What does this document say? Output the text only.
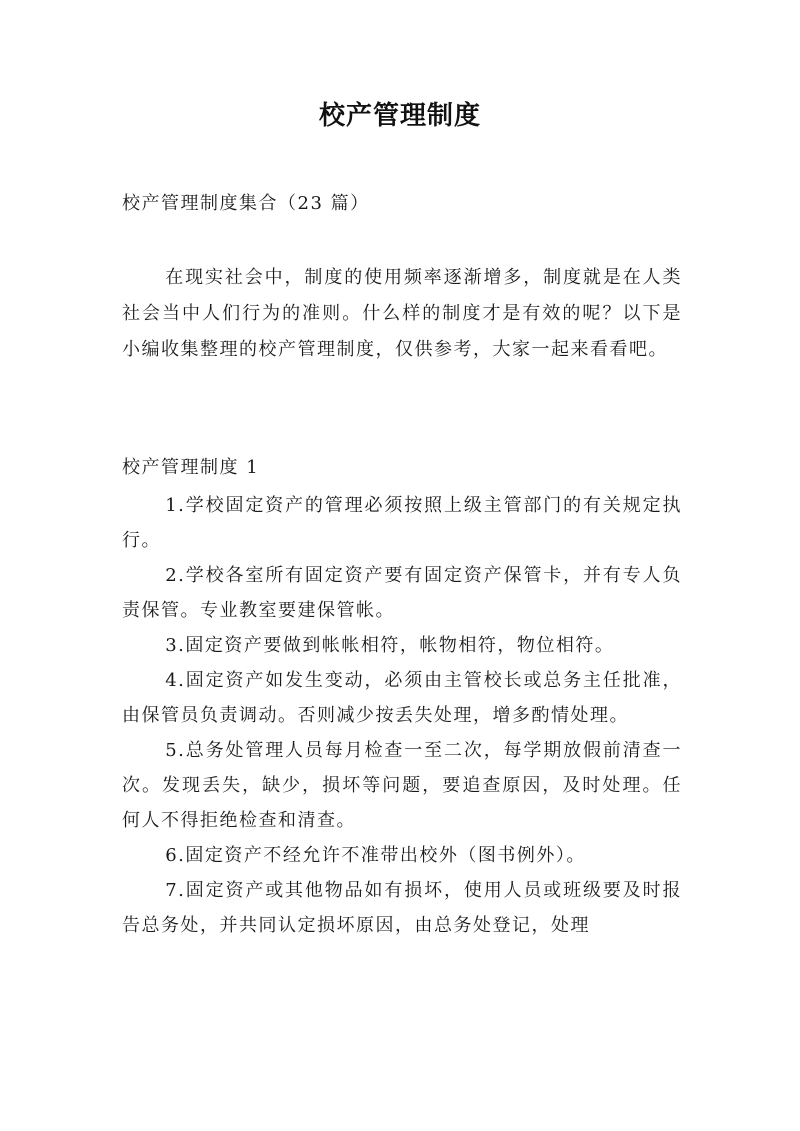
校产管理制度
校产管理制度集合（23 篇）

在现实社会中，制度的使用频率逐渐增多，制度就是在人类社会当中人们行为的准则。什么样的制度才是有效的呢？以下是小编收集整理的校产管理制度，仅供参考，大家一起来看看吧。

校产管理制度 1
1.学校固定资产的管理必须按照上级主管部门的有关规定执行。
2.学校各室所有固定资产要有固定资产保管卡，并有专人负责保管。专业教室要建保管帐。
3.固定资产要做到帐帐相符，帐物相符，物位相符。
4.固定资产如发生变动，必须由主管校长或总务主任批准，由保管员负责调动。否则减少按丢失处理，增多酌情处理。
5.总务处管理人员每月检查一至二次，每学期放假前清查一次。发现丢失，缺少，损坏等问题，要追查原因，及时处理。任何人不得拒绝检查和清查。
6.固定资产不经允许不准带出校外（图书例外）。
7.固定资产或其他物品如有损坏，使用人员或班级要及时报告总务处，并共同认定损坏原因，由总务处登记，处理
